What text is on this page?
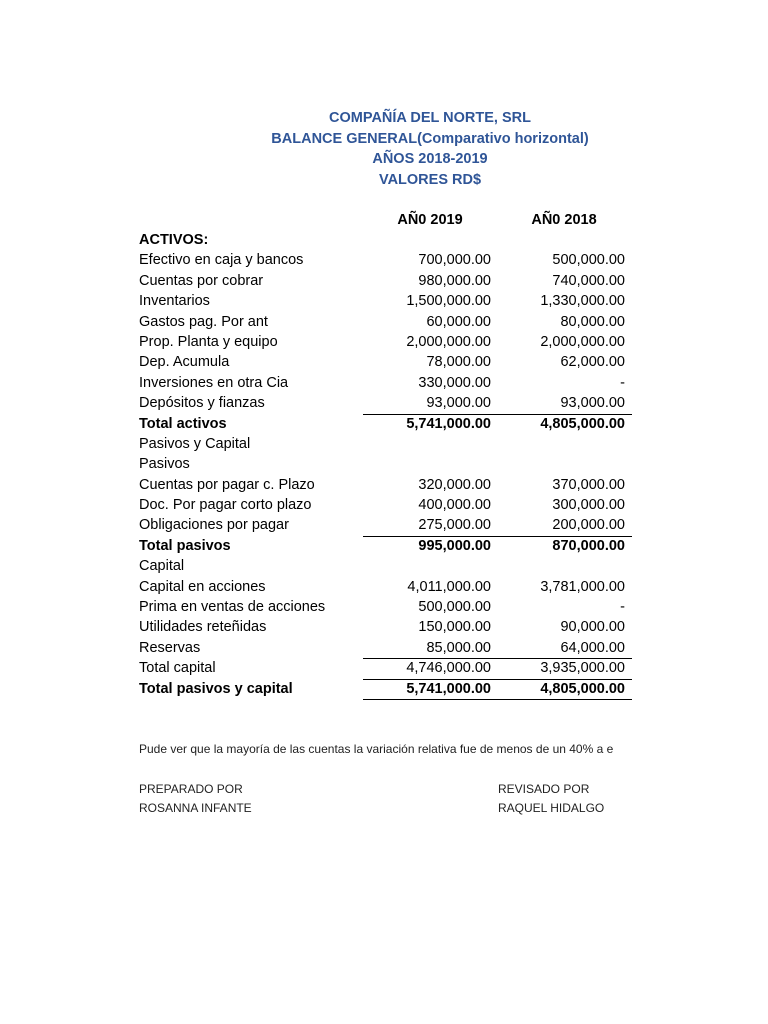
COMPAÑÍA DEL NORTE, SRL
BALANCE GENERAL(Comparativo horizontal)
AÑOS 2018-2019
VALORES RD$
AÑ0 2019	AÑ0 2018
ACTIVOS:
Efectivo en caja y bancos	700,000.00	500,000.00
Cuentas por cobrar	980,000.00	740,000.00
Inventarios	1,500,000.00	1,330,000.00
Gastos pag. Por ant	60,000.00	80,000.00
Prop. Planta y equipo	2,000,000.00	2,000,000.00
Dep. Acumula	78,000.00	62,000.00
Inversiones en otra Cia	330,000.00	-
Depósitos y fianzas	93,000.00	93,000.00
Total activos	5,741,000.00	4,805,000.00
Pasivos y Capital
Pasivos
Cuentas por pagar c. Plazo	320,000.00	370,000.00
Doc. Por pagar corto plazo	400,000.00	300,000.00
Obligaciones por pagar	275,000.00	200,000.00
Total pasivos	995,000.00	870,000.00
Capital
Capital en acciones	4,011,000.00	3,781,000.00
Prima en ventas de acciones	500,000.00	-
Utilidades reteñidas	150,000.00	90,000.00
Reservas	85,000.00	64,000.00
Total capital	4,746,000.00	3,935,000.00
Total pasivos y capital	5,741,000.00	4,805,000.00
Pude ver que la mayoría de las cuentas la variación relativa fue de menos de un 40% a e
PREPARADO POR
ROSANNA INFANTE
REVISADO POR
RAQUEL HIDALGO
